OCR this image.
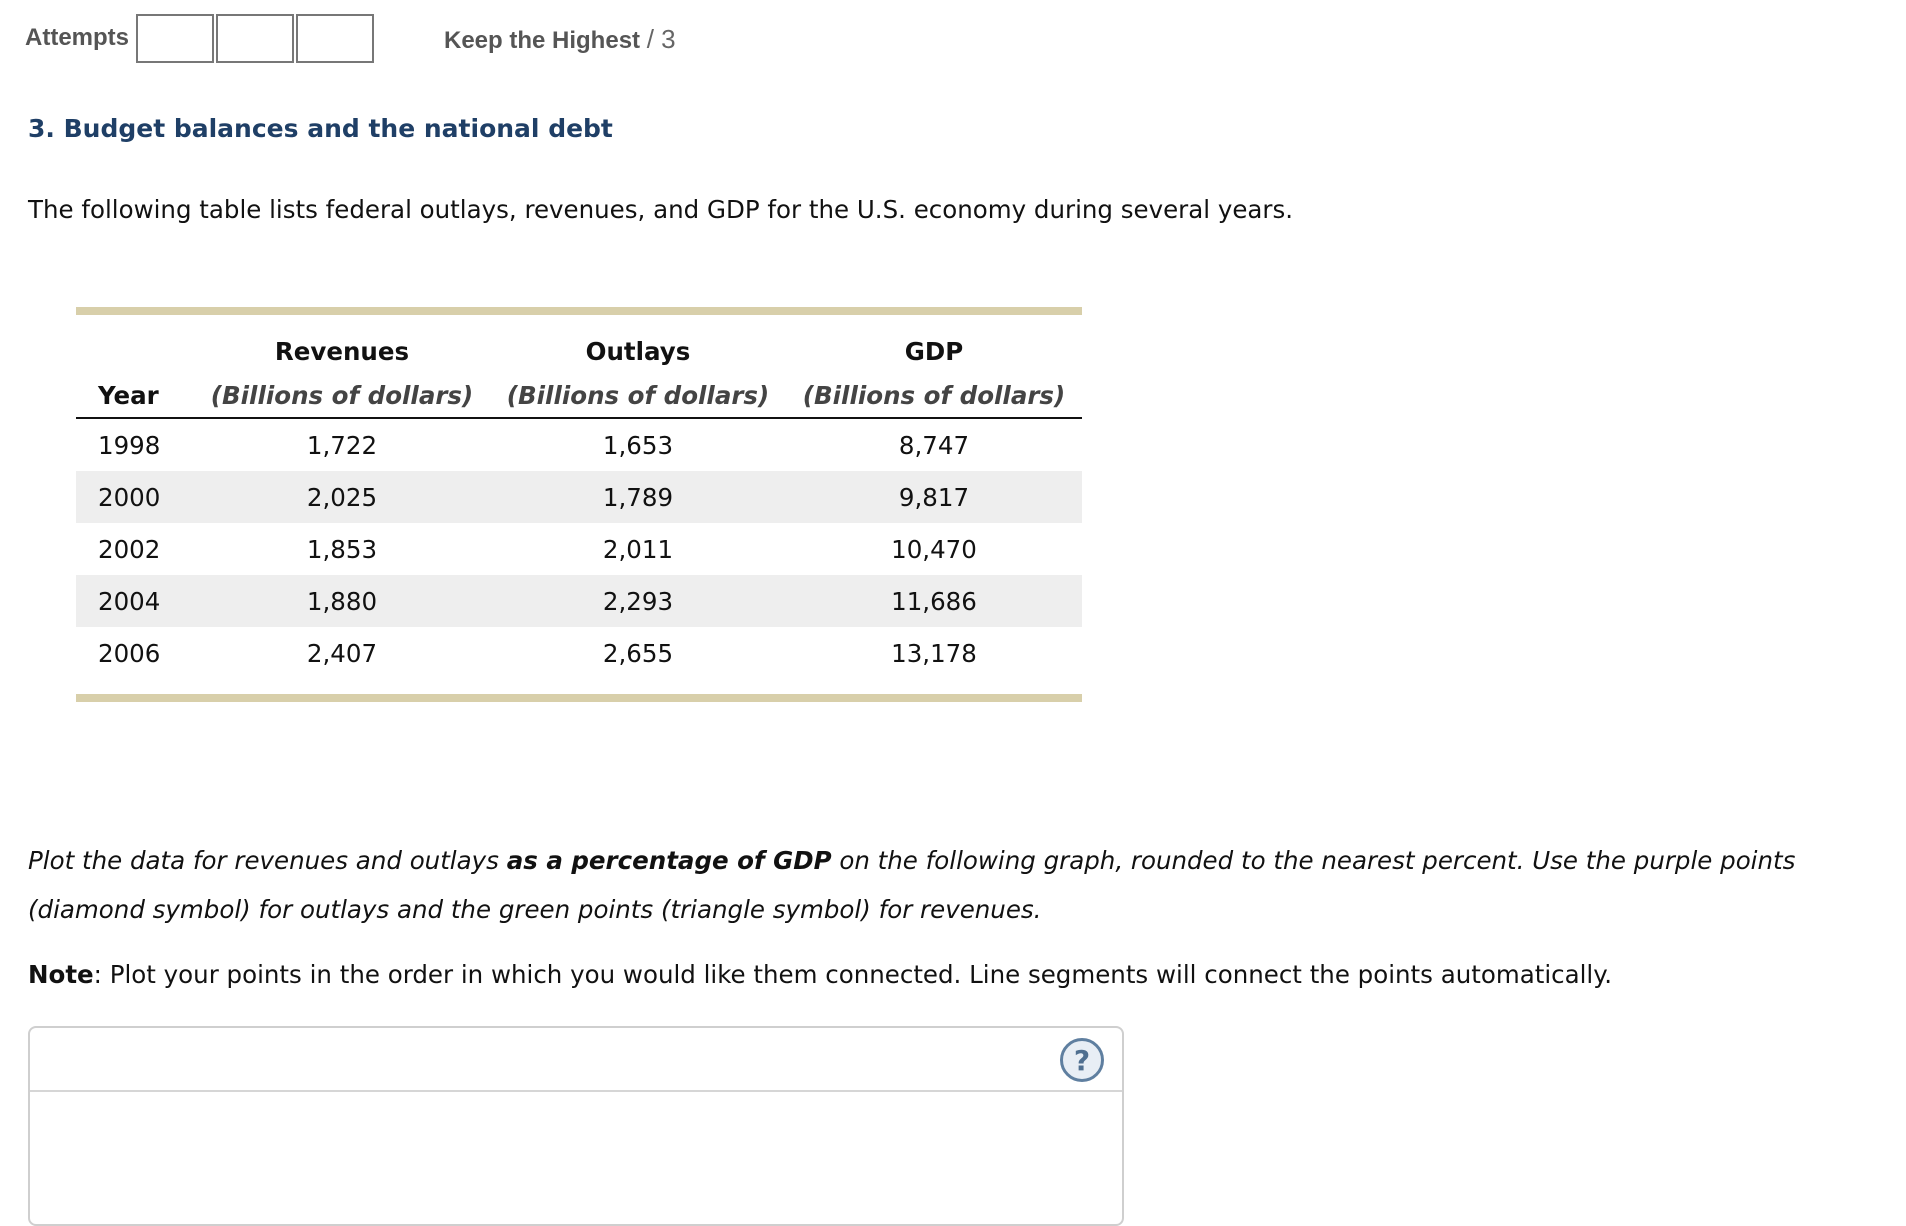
Attempts	Keep the Highest / 3
3. Budget balances and the national debt
The following table lists federal outlays, revenues, and GDP for the U.S. economy during several years.
	Revenues	Outlays	GDP
Year	(Billions of dollars)	(Billions of dollars)	(Billions of dollars)
1998	1,722	1,653	8,747
2000	2,025	1,789	9,817
2002	1,853	2,011	10,470
2004	1,880	2,293	11,686
2006	2,407	2,655	13,178
Plot the data for revenues and outlays as a percentage of GDP on the following graph, rounded to the nearest percent. Use the purple points (diamond symbol) for outlays and the green points (triangle symbol) for revenues.
Note: Plot your points in the order in which you would like them connected. Line segments will connect the points automatically.
?
